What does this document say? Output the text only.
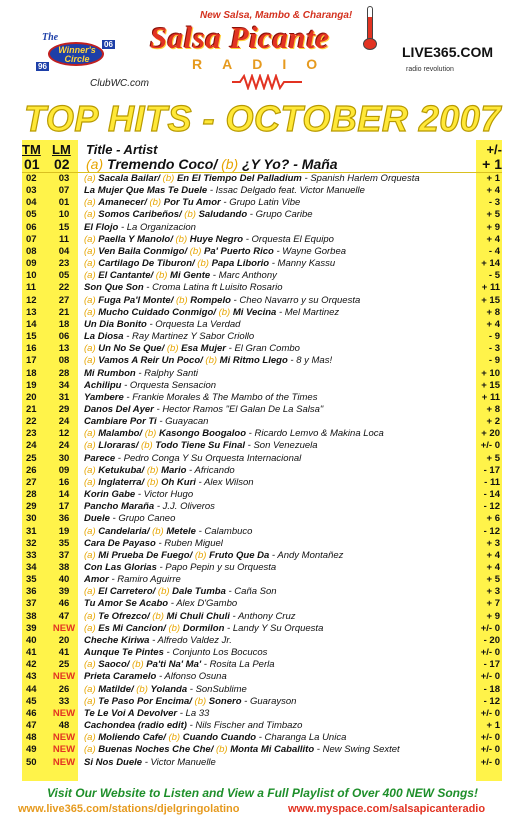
The
Winner's Circle
96
06
ClubWC.com
New Salsa, Mambo & Charanga!
Salsa Picante
RADIO
LIVE365.COM
radio revolution
TOP HITS - OCTOBER 2007
TM LM	Title - Artist	+/-
01 02 (a) Tremendo Coco/ (b) ¿Y Yo? - Maña	+ 1
02	03	(a) Sacala Bailar/ (b) En El Tiempo Del Palladium - Spanish Harlem Orquesta	+ 1
03	07	La Mujer Que Mas Te Duele - Issac Delgado feat. Victor Manuelle	+ 4
04	01	(a) Amanecer/ (b) Por Tu Amor - Grupo Latin Vibe	- 3
05	10	(a) Somos Caribeños/ (b) Saludando - Grupo Caribe	+ 5
06	15	El Flojo - La Organizacion	+ 9
07	11	(a) Paella Y Manolo/ (b) Huye Negro - Orquesta El Equipo	+ 4
08	04	(a) Ven Baila Conmigo/ (b) Pa' Puerto Rico - Wayne Gorbea	- 4
09	23	(a) Cartilago De Tiburon/ (b) Papa Liborio - Manny Kassu	+ 14
10	05	(a) El Cantante/ (b) Mi Gente - Marc Anthony	- 5
11	22	Son Que Son - Croma Latina ft Luisito Rosario	+ 11
12	27	(a) Fuga Pa'l Monte/ (b) Rompelo - Cheo Navarro y su Orquesta	+ 15
13	21	(a) Mucho Cuidado Conmigo/ (b) Mi Vecina - Mel Martinez	+ 8
14	18	Un Dia Bonito - Orquesta La Verdad	+ 4
15	06	La Diosa - Ray Martinez Y Sabor Criollo	- 9
16	13	(a) Un No Se Que/ (b) Esa Mujer - El Gran Combo	- 3
17	08	(a) Vamos A Reir Un Poco/ (b) Mi Ritmo Llego - 8 y Mas!	- 9
18	28	Mi Rumbon - Ralphy Santi	+ 10
19	34	Achilipu - Orquesta Sensacion	+ 15
20	31	Yambere - Frankie Morales & The Mambo of the Times	+ 11
21	29	Danos Del Ayer - Hector Ramos "El Galan De La Salsa"	+ 8
22	24	Cambiare Por Ti - Guayacan	+ 2
23	12	(a) Malambo/ (b) Kasongo Boogaloo - Ricardo Lemvo & Makina Loca	+ 20
24	24	(a) Lloraras/ (b) Todo Tiene Su Final - Son Venezuela	+/- 0
25	30	Parece - Pedro Conga Y Su Orquesta Internacional	+ 5
26	09	(a) Ketukuba/ (b) Mario - Africando	- 17
27	16	(a) Inglaterra/ (b) Oh Kuri - Alex Wilson	- 11
28	14	Korin Gabe - Victor Hugo	- 14
29	17	Pancho Maraña - J.J. Oliveros	- 12
30	36	Duele - Grupo Caneo	+ 6
31	19	(a) Candelaria/ (b) Metele - Calambuco	- 12
32	35	Cara De Payaso - Ruben Miguel	+ 3
33	37	(a) Mi Prueba De Fuego/ (b) Fruto Que Da - Andy Montañez	+ 4
34	38	Con Las Glorias - Papo Pepin y su Orquesta	+ 4
35	40	Amor - Ramiro Aguirre	+ 5
36	39	(a) El Carretero/ (b) Dale Tumba - Caña Son	+ 3
37	46	Tu Amor Se Acabo - Alex D'Gambo	+ 7
38	47	(a) Te Ofrezco/ (b) Mi Chuli Chuli - Anthony Cruz	+ 9
39	NEW (a) Es Mi Cancion/ (b) Dormilon - Landy Y Su Orquesta	+/- 0
40	20	Cheche Kiriwa - Alfredo Valdez Jr.	- 20
41	41	Aunque Te Pintes - Conjunto Los Bocucos	+/- 0
42	25	(a) Saoco/ (b) Pa'ti Na' Ma' - Rosita La Perla	- 17
43	NEW Prieta Caramelo - Alfonso Osuna	+/- 0
44	26	(a) Matilde/ (b) Yolanda - SonSublime	- 18
45	33	(a) Te Paso Por Encima/ (b) Sonero - Guarayson	- 12
46	NEW Te Le Voi A Devolver - La 33	+/- 0
47	48	Cachondea (radio edit) - Nils Fischer and Timbazo	+ 1
48	NEW (a) Moliendo Cafe/ (b) Cuando Cuando - Charanga La Unica	+/- 0
49	NEW (a) Buenas Noches Che Che/ (b) Monta Mi Caballito - New Swing Sextet	+/- 0
50	NEW Si Nos Duele - Victor Manuelle	+/- 0
Visit Our Website to Listen and View a Full Playlist of Over 400 NEW Songs!
www.live365.com/stations/djelgringolatino	www.myspace.com/salsapicanteradio
